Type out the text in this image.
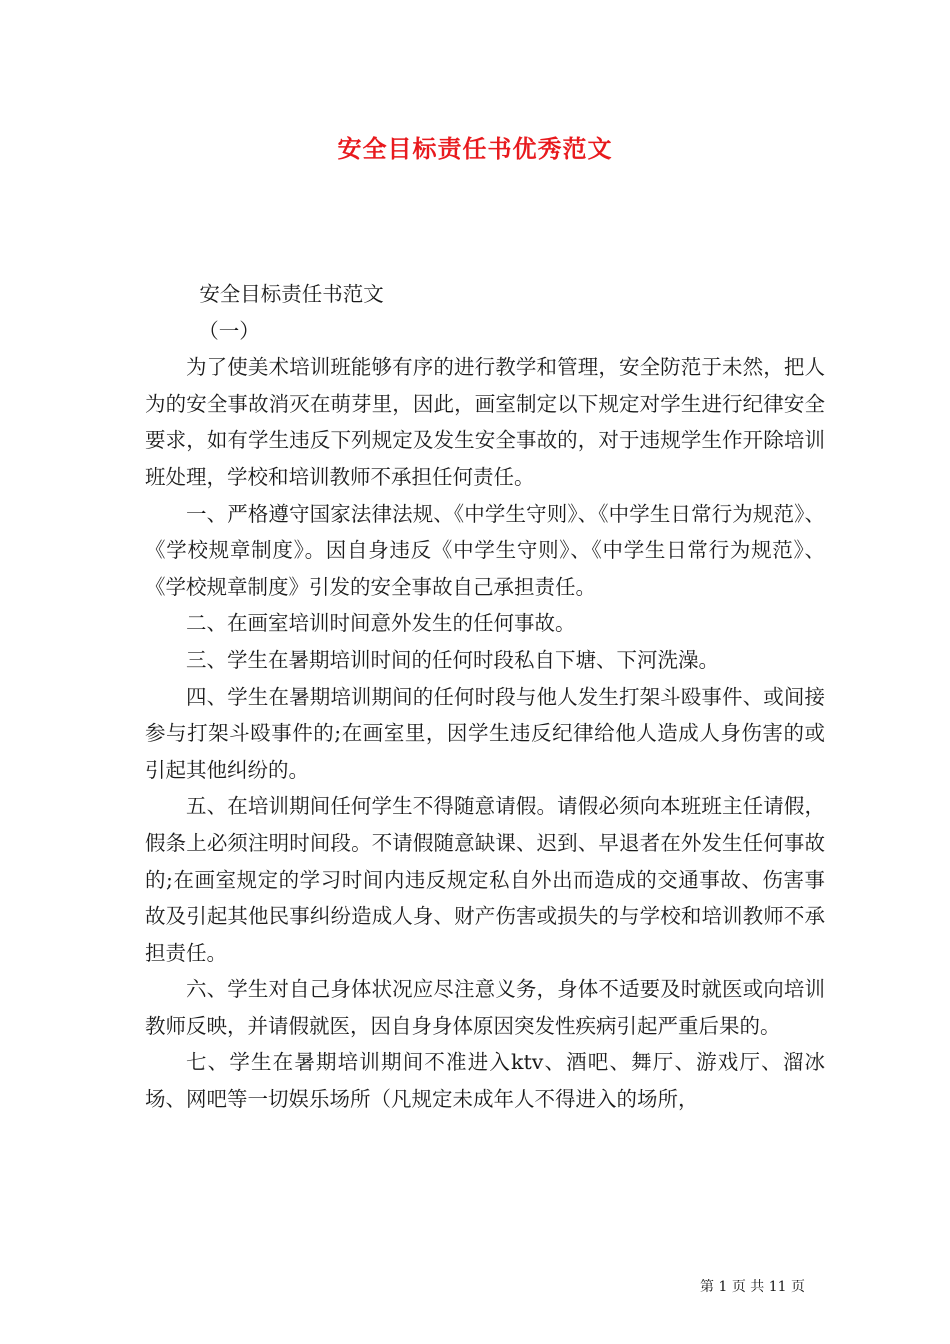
安全目标责任书优秀范文

安全目标责任书范文

（一）

为了使美术培训班能够有序的进行教学和管理，安全防范于未然，把人为的安全事故消灭在萌芽里，因此，画室制定以下规定对学生进行纪律安全要求，如有学生违反下列规定及发生安全事故的，对于违规学生作开除培训班处理，学校和培训教师不承担任何责任。

一、严格遵守国家法律法规、《中学生守则》、《中学生日常行为规范》、《学校规章制度》。因自身违反《中学生守则》、《中学生日常行为规范》、《学校规章制度》引发的安全事故自己承担责任。

二、在画室培训时间意外发生的任何事故。

三、学生在暑期培训时间的任何时段私自下塘、下河洗澡。

四、学生在暑期培训期间的任何时段与他人发生打架斗殴事件、或间接参与打架斗殴事件的;在画室里，因学生违反纪律给他人造成人身伤害的或引起其他纠纷的。

五、在培训期间任何学生不得随意请假。请假必须向本班班主任请假，假条上必须注明时间段。不请假随意缺课、迟到、早退者在外发生任何事故的;在画室规定的学习时间内违反规定私自外出而造成的交通事故、伤害事故及引起其他民事纠纷造成人身、财产伤害或损失的与学校和培训教师不承担责任。

六、学生对自己身体状况应尽注意义务，身体不适要及时就医或向培训教师反映，并请假就医，因自身身体原因突发性疾病引起严重后果的。

七、学生在暑期培训期间不准进入ktv、酒吧、舞厅、游戏厅、溜冰场、网吧等一切娱乐场所（凡规定未成年人不得进入的场所，

第 1 页 共 11 页
